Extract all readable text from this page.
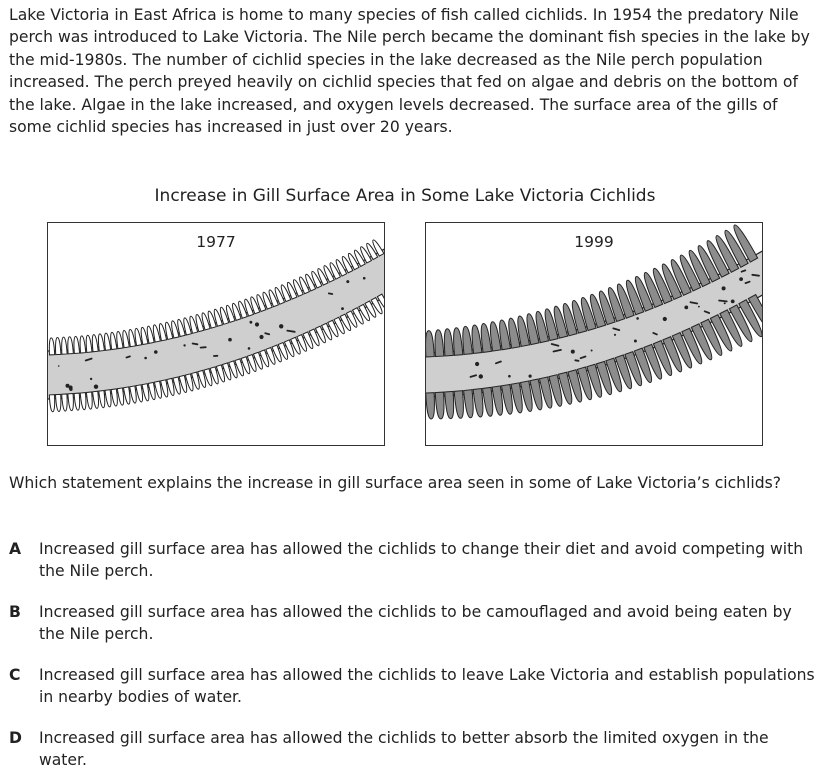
Lake Victoria in East Africa is home to many species of fish called cichlids. In 1954 the predatory Nile perch was introduced to Lake Victoria. The Nile perch became the dominant fish species in the lake by the mid-1980s. The number of cichlid species in the lake decreased as the Nile perch population increased. The perch preyed heavily on cichlid species that fed on algae and debris on the bottom of the lake. Algae in the lake increased, and oxygen levels decreased. The surface area of the gills of some cichlid species has increased in just over 20 years.

Increase in Gill Surface Area in Some Lake Victoria Cichlids
1977	1999

Which statement explains the increase in gill surface area seen in some of Lake Victoria’s cichlids?

A Increased gill surface area has allowed the cichlids to change their diet and avoid competing with the Nile perch.
B Increased gill surface area has allowed the cichlids to be camouflaged and avoid being eaten by the Nile perch.
C Increased gill surface area has allowed the cichlids to leave Lake Victoria and establish populations in nearby bodies of water.
D Increased gill surface area has allowed the cichlids to better absorb the limited oxygen in the water.
